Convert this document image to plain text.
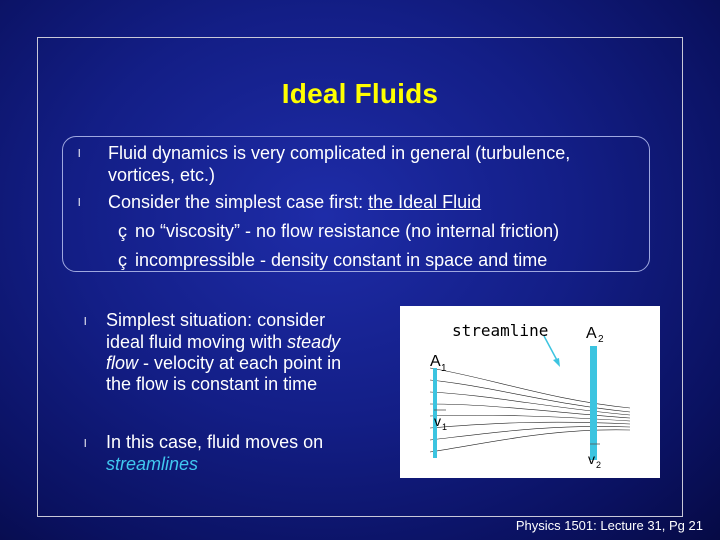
Ideal Fluids
l Fluid dynamics is very complicated in general (turbulence,
vortices, etc.)
l Consider the simplest case first: the Ideal Fluid
ç no “viscosity” - no flow resistance (no internal friction)
ç incompressible - density constant in space and time
l Simplest situation: consider
ideal fluid moving with steady
flow - velocity at each point in
the flow is constant in time
l In this case, fluid moves on
streamlines
streamline A 2
A 1
v 1
v 2
Physics 1501: Lecture 31, Pg 21
